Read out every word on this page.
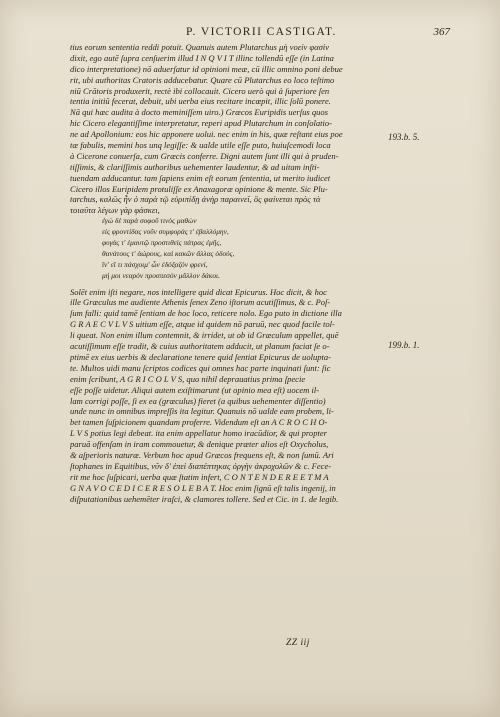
P. VICTORII CASTIGAT.	367
tius eorum sententia reddi potuit. Quanuis autem Plutarchus μὴ νοείν φασὶν
dixit, ego autē ſupra cenſuerim illud I N Q V I T illinc tollendū eſſe (in Latina
dico interpretatione) nō aduerſatur id opinioni meæ, cū illic omnino poni debue
rit, ubi authoritas Cratoris adducebatur. Quare cū Plutarchus eo loco teſtimo
niū Crātoris produxerit, rectè ibi collocauit. Cicero uerò qui à ſuperiore ſen
tentia initiū fecerat, debuit, ubi uerba eius recitare incœpit, illic ſolū ponere.
Nā qui hæc audita à docto meminiſſem uiro.) Græcos Euripidis uerſus quos
hic Cicero elegantiſſime interpretatur, reperi apud Plutarchum in conſolatio-
ne ad Apollonium: eos hic apponere uolui. nec enim in his, quæ reſtant eius poe
tæ fabulis, memini hos unq legiſſe: & ualde utile eſſe puto, huiuſcemodi loca
à Cicerone conuerſa, cum Græcis conferre. Digni autem ſunt illi qui à pruden-
tiſſimis, & clariſſimis authoribus uehementer laudentur, & ad uitam inſti-
tuendam adducantur. tam ſapiens enim eſt eorum ſententia, ut merito iudicet
Cicero illos Euripidem protuliſſe ex Anaxagoræ opinione & mente. Sic Plu-
tarchus, καλῶς ἦν ὁ παρὰ τῷ εὐριπίδῃ ἀνὴρ παραινεῖ, ὃς φαίνεται πρὸς τὰ
τοιαῦτα λέγων γὰρ φάσκει,
ἐγὼ δὲ παρὰ σοφοῦ τινὸς μαθὼν
εἰς φροντίδας νοῦν συμφορὰς τ' ἐβαλλόμην,
φυγάς τ' ἐμαυτῷ προστιθεὶς πάτρας ἐμῆς,
θανάτους τ' ἀώρους, καὶ κακῶν ἄλλας ὁδούς,
ἵν' εἴ τι πάσχοιμ' ὧν ἐδόξαζόν φρενί,
μή μοι νεαρὸν προσπεσὸν μᾶλλον δάκοι.
Solēt enim iſti negare, nos intelligere quid dicat Epicurus. Hoc dicit, & hoc
ille Græculus me audiente Athenis ſenex Zeno iſtorum acutiſſimus, & c. Poſ-
ſum falli: quid tamē ſentiam de hoc loco, reticere nolo. Ego puto in dictione illa
G R A E C V L V S uitium eſſe, atque id quidem nō paruū, nec quod facile tol-
li queat. Non enim illum contemnit, & irridet, ut ob id Græculum appellet, quē
acutiſſimum eſſe tradit, & cuius authoritatem adducit, ut planum faciat ſe o-
ptimē ex eius uerbis & declaratione tenere quid ſentiat Epicurus de uolupta-
te. Multos uidi manu ſcriptos codices qui omnes hac parte inquinati ſunt: ſic
enim ſcribunt, A G R I C O L V S, quo nihil deprauatius prima ſpecie
eſſe poſſe uidetur. Aliqui autem exiſtimarunt (ut opinio mea eſt) uocem il-
lam corrigi poſſe, ſi ex ea (græculus) fieret (a quibus uehementer diſſentio)
unde nunc in omnibus impreſſis ita legitur. Quanuis nō ualde eam probem, li-
bet tamen ſuſpicionem quandam proferre. Videndum eſt an A C R O C H O-
L V S potius legi debeat. ita enim appellatur homo iracūdior, & qui propter
paruā offenſam in iram commouetur, & denique præter alios eſt Oxycholus,
& aſperioris naturæ. Verbum hoc apud Græcos frequens eſt, & non ſumū. Ari
ſtophanes in Equitibus, νῦν δ' ἐπεὶ διαπέπτηκας ὀργὴν ἀκροχολῶν & c. Fece-
rit me hoc ſuſpicari, uerba quæ ſtatim infert, C O N T E N D E R E E T M A
G N A V O C E D I C E R E S O L E B A T. Hoc enim ſignū eſt talis ingenij, in
diſputationibus uehemēter iraſci, & clamores tollere. Sed et Cic. in 1. de legib.
193.b. 5.
199.b. 1.
ZZ iij
